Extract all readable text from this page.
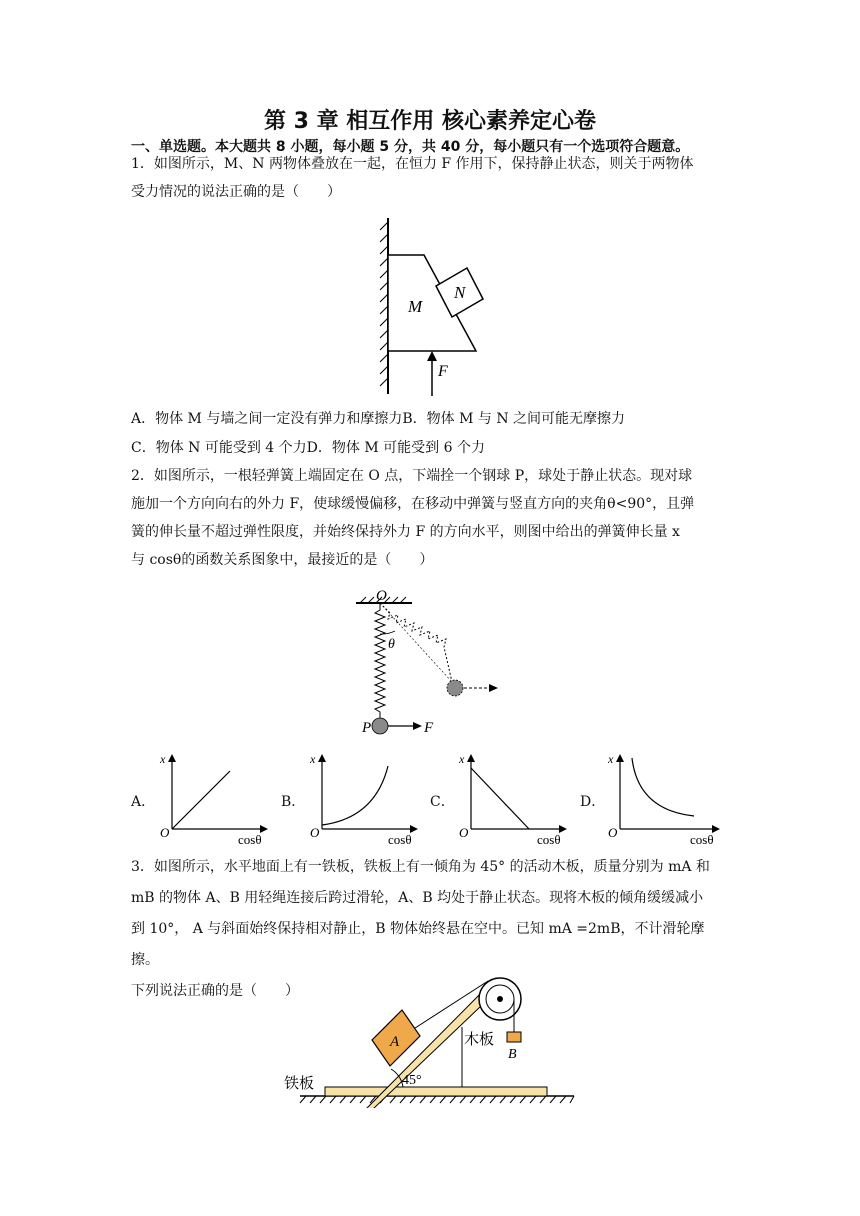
第 3 章 相互作用 核心素养定心卷
一、单选题。本大题共 8 小题，每小题 5 分，共 40 分，每小题只有一个选项符合题意。
1．如图所示，M、N 两物体叠放在一起，在恒力 F 作用下，保持静止状态，则关于两物体
受力情况的说法正确的是（　　）
M
N
F
A．物体 M 与墙之间一定没有弹力和摩擦力B．物体 M 与 N 之间可能无摩擦力
C．物体 N 可能受到 4 个力D．物体 M 可能受到 6 个力
2．如图所示，一根轻弹簧上端固定在 O 点，下端拴一个钢球 P，球处于静止状态。现对球
施加一个方向向右的外力 F，使球缓慢偏移，在移动中弹簧与竖直方向的夹角θ<90°，且弹
簧的伸长量不超过弹性限度，并始终保持外力 F 的方向水平，则图中给出的弹簧伸长量 x
与 cosθ的函数关系图象中，最接近的是（　　）
O
θ
P	F
A．	B．	C．	D．
x
O	cosθ
x
O	cosθ
x
O	cosθ
x
O	cosθ
3．如图所示，水平地面上有一铁板，铁板上有一倾角为 45° 的活动木板，质量分别为 mA 和
mB 的物体 A、B 用轻绳连接后跨过滑轮，A、B 均处于静止状态。现将木板的倾角缓缓减小
到 10°， A 与斜面始终保持相对静止，B 物体始终悬在空中。已知 mA =2mB，不计滑轮摩擦。
下列说法正确的是（　　）
45°
A
B
木板
铁板
